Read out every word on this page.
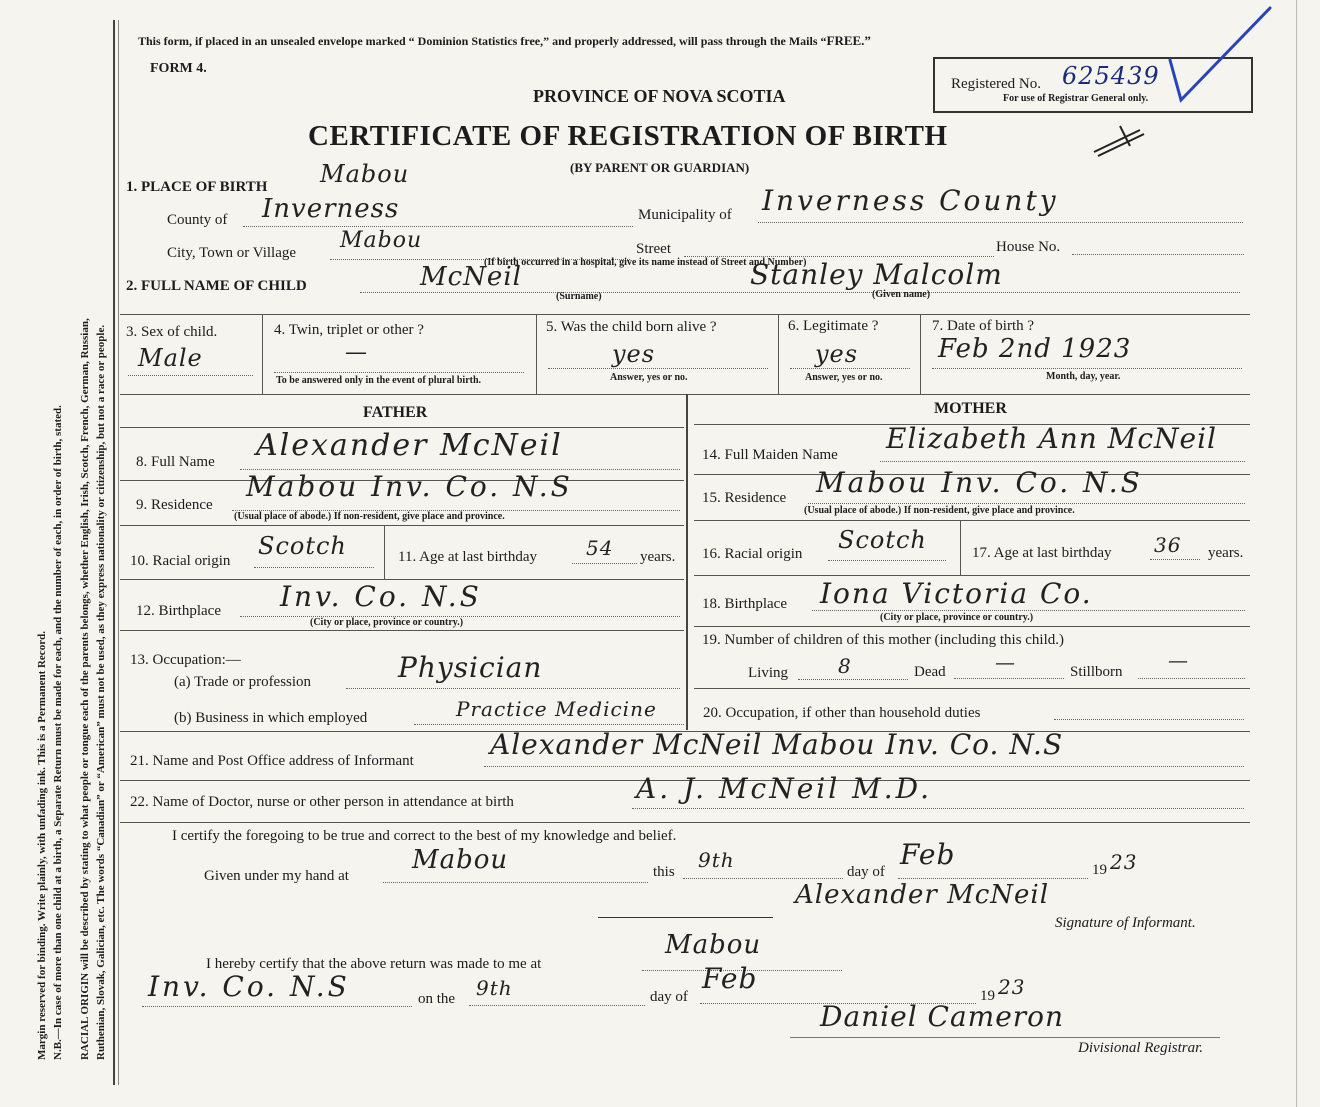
Margin reserved for binding. Write plainly, with unfading ink. This is a Permanent Record. N.B.—In case of more than one child at a birth, a Separate Return must be made for each, and the number of each, in order of birth, stated. RACIAL ORIGIN will be described by stating to what people or tongue each of the parents belongs, whether English, Irish, Scotch, French, German, Russian, Ruthenian, Slovak, Galician, etc. The words “Canadian” or “American” must not be used, as they express nationality or citizenship, but not a race or people.
This form, if placed in an unsealed envelope marked “ Dominion Statistics free,” and properly addressed, will pass through the Mails “FREE.”
FORM 4.
PROVINCE OF NOVA SCOTIA
Registered No. 625439
For use of Registrar General only.
CERTIFICATE OF REGISTRATION OF BIRTH
(BY PARENT OR GUARDIAN)
1. PLACE OF BIRTH Mabou
County of Inverness	Municipality of Inverness County
City, Town or Village Mabou	Street	House No.
2. FULL NAME OF CHILD
(If birth occurred in a hospital, give its name instead of Street and Number)
McNeil	Stanley Malcolm
(Surname)	(Given name)
3. Sex of child.
Male
4. Twin, triplet or other ?
—
To be answered only in the event of plural birth.
5. Was the child born alive ?
yes
Answer, yes or no.
6. Legitimate ?
yes
Answer, yes or no.
7. Date of birth ?
Feb 2nd 1923
Month, day, year.
FATHER	MOTHER
8. Full Name Alexander McNeil
9. Residence
Mabou Inv. Co. N.S
(Usual place of abode.) If non-resident, give place and province.
10. Racial origin
Scotch	11. Age at last birthday 54 years.
12. Birthplace Inv. Co. N.S
(City or place, province or country.)
13. Occupation:—
(a) Trade or profession	Physician
(b) Business in which employed	Practice Medicine
14. Full Maiden Name Elizabeth Ann McNeil
15. Residence Mabou Inv. Co. N.S
(Usual place of abode.) If non-resident, give place and province.
16. Racial origin Scotch	17. Age at last birthday 36 years.
18. Birthplace Iona Victoria Co.
(City or place, province or country.)
19. Number of children of this mother (including this child.)
Living	8	Dead —	Stillborn —
20. Occupation, if other than household duties
21. Name and Post Office address of Informant	Alexander McNeil Mabou Inv. Co. N.S
22. Name of Doctor, nurse or other person in attendance at birth	A. J. McNeil M.D.
I certify the foregoing to be true and correct to the best of my knowledge and belief.
Given under my hand at
Mabou	this 9th	day of
Feb	19 23
Alexander McNeil
Signature of Informant.
I hereby certify that the above return was made to me at
Mabou
Inv. Co. N.S	on the 9th	day of
Feb
19 23
Daniel Cameron
Divisional Registrar.
